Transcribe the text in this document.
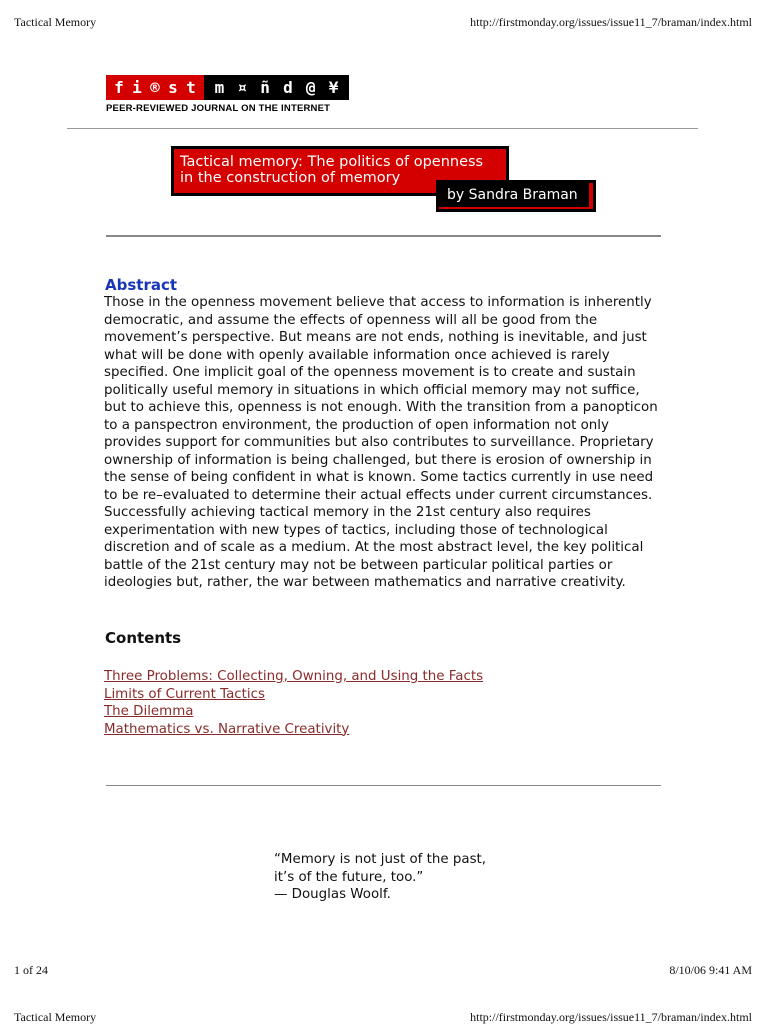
Tactical Memory	http://firstmonday.org/issues/issue11_7/braman/index.html
f i ® s t m ¤ ñ d @ ¥
PEER-REVIEWED JOURNAL ON THE INTERNET
Tactical memory: The politics of openness
in the construction of memory
by Sandra Braman
Abstract

Those in the openness movement believe that access to information is inherently democratic, and assume the effects of openness will all be good from the movement’s perspective. But means are not ends, nothing is inevitable, and just what will be done with openly available information once achieved is rarely specified. One implicit goal of the openness movement is to create and sustain politically useful memory in situations in which official memory may not suffice, but to achieve this, openness is not enough. With the transition from a panopticon to a panspectron environment, the production of open information not only provides support for communities but also contributes to surveillance. Proprietary ownership of information is being challenged, but there is erosion of ownership in the sense of being confident in what is known. Some tactics currently in use need to be re–evaluated to determine their actual effects under current circumstances. Successfully achieving tactical memory in the 21st century also requires experimentation with new types of tactics, including those of technological discretion and of scale as a medium. At the most abstract level, the key political battle of the 21st century may not be between particular political parties or ideologies but, rather, the war between mathematics and narrative creativity.

Contents
Three Problems: Collecting, Owning, and Using the Facts
Limits of Current Tactics
The Dilemma
Mathematics vs. Narrative Creativity
“Memory is not just of the past,
it’s of the future, too.”
— Douglas Woolf.
1 of 24	8/10/06 9:41 AM
Tactical Memory	http://firstmonday.org/issues/issue11_7/braman/index.html
